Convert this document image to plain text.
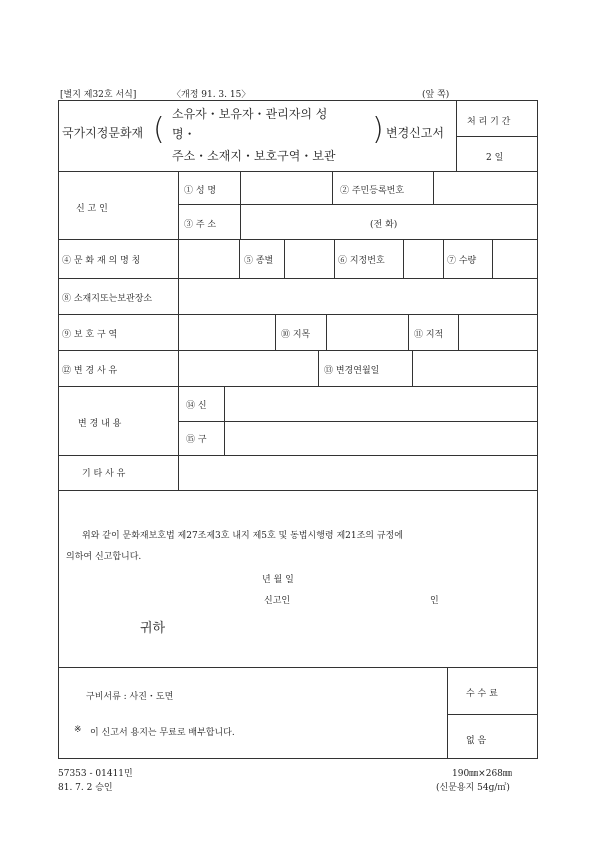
[별지 제32호 서식]	〈개정 91. 3. 15〉	(앞 쪽)
국가지정문화재 ( 소유자・보유자・관리자의 성
명・
주소・소재지・보호구역・보관
) 변경신고서
처 리 기 간
2 일
신 고 인
① 성 명	② 주민등록번호
③ 주 소	(전 화)
④ 문 화 재 의 명 칭	⑤ 종별	⑥ 지정번호	⑦ 수량
⑧ 소재지또는보관장소
⑨ 보 호 구 역	⑩ 지목	⑪ 지적
⑫ 변 경 사 유	⑬ 변경연월일
변 경 내 용
⑭ 신
⑮ 구
기 타 사 유
위와 같이 문화재보호법 제27조제3호 내지 제5호 및 동법시행령 제21조의 규정에
의하여 신고합니다.
년 월 일
신고인	인
귀하
구비서류 : 사진・도면
※ 이 신고서 용지는 무료로 배부합니다.
수 수 료
없 음
57353 - 01411민
81. 7. 2 승인
190㎜×268㎜
(신문용지 54g/㎡)
